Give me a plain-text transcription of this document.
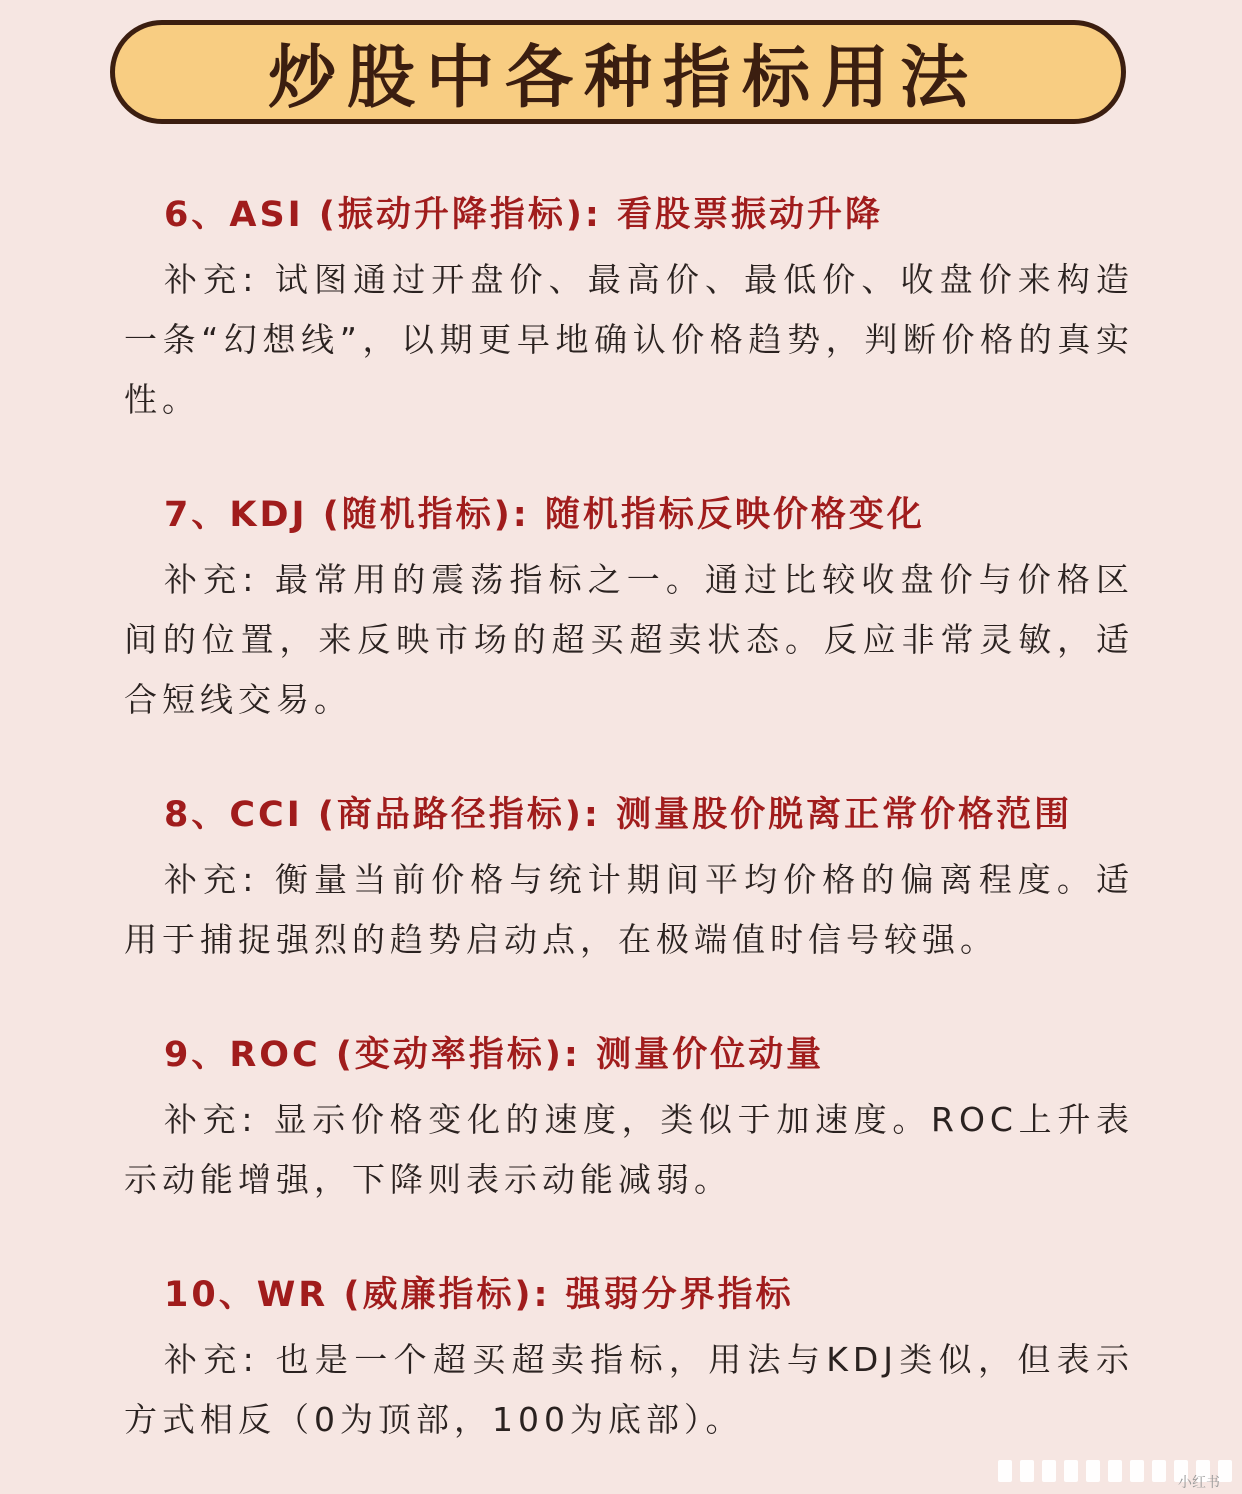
炒股中各种指标用法
6、ASI (振动升降指标): 看股票振动升降
补充: 试图通过开盘价、最高价、最低价、收盘价来构造一条“幻想线”，以期更早地确认价格趋势，判断价格的真实性。
7、KDJ (随机指标): 随机指标反映价格变化
补充: 最常用的震荡指标之一。通过比较收盘价与价格区间的位置，来反映市场的超买超卖状态。反应非常灵敏，适合短线交易。
8、CCI (商品路径指标): 测量股价脱离正常价格范围
补充: 衡量当前价格与统计期间平均价格的偏离程度。适用于捕捉强烈的趋势启动点，在极端值时信号较强。
9、ROC (变动率指标): 测量价位动量
补充: 显示价格变化的速度，类似于加速度。ROC上升表示动能增强，下降则表示动能减弱。
10、WR (威廉指标): 强弱分界指标
补充: 也是一个超买超卖指标，用法与KDJ类似，但表示方式相反（0为顶部，100为底部）。
小红书
